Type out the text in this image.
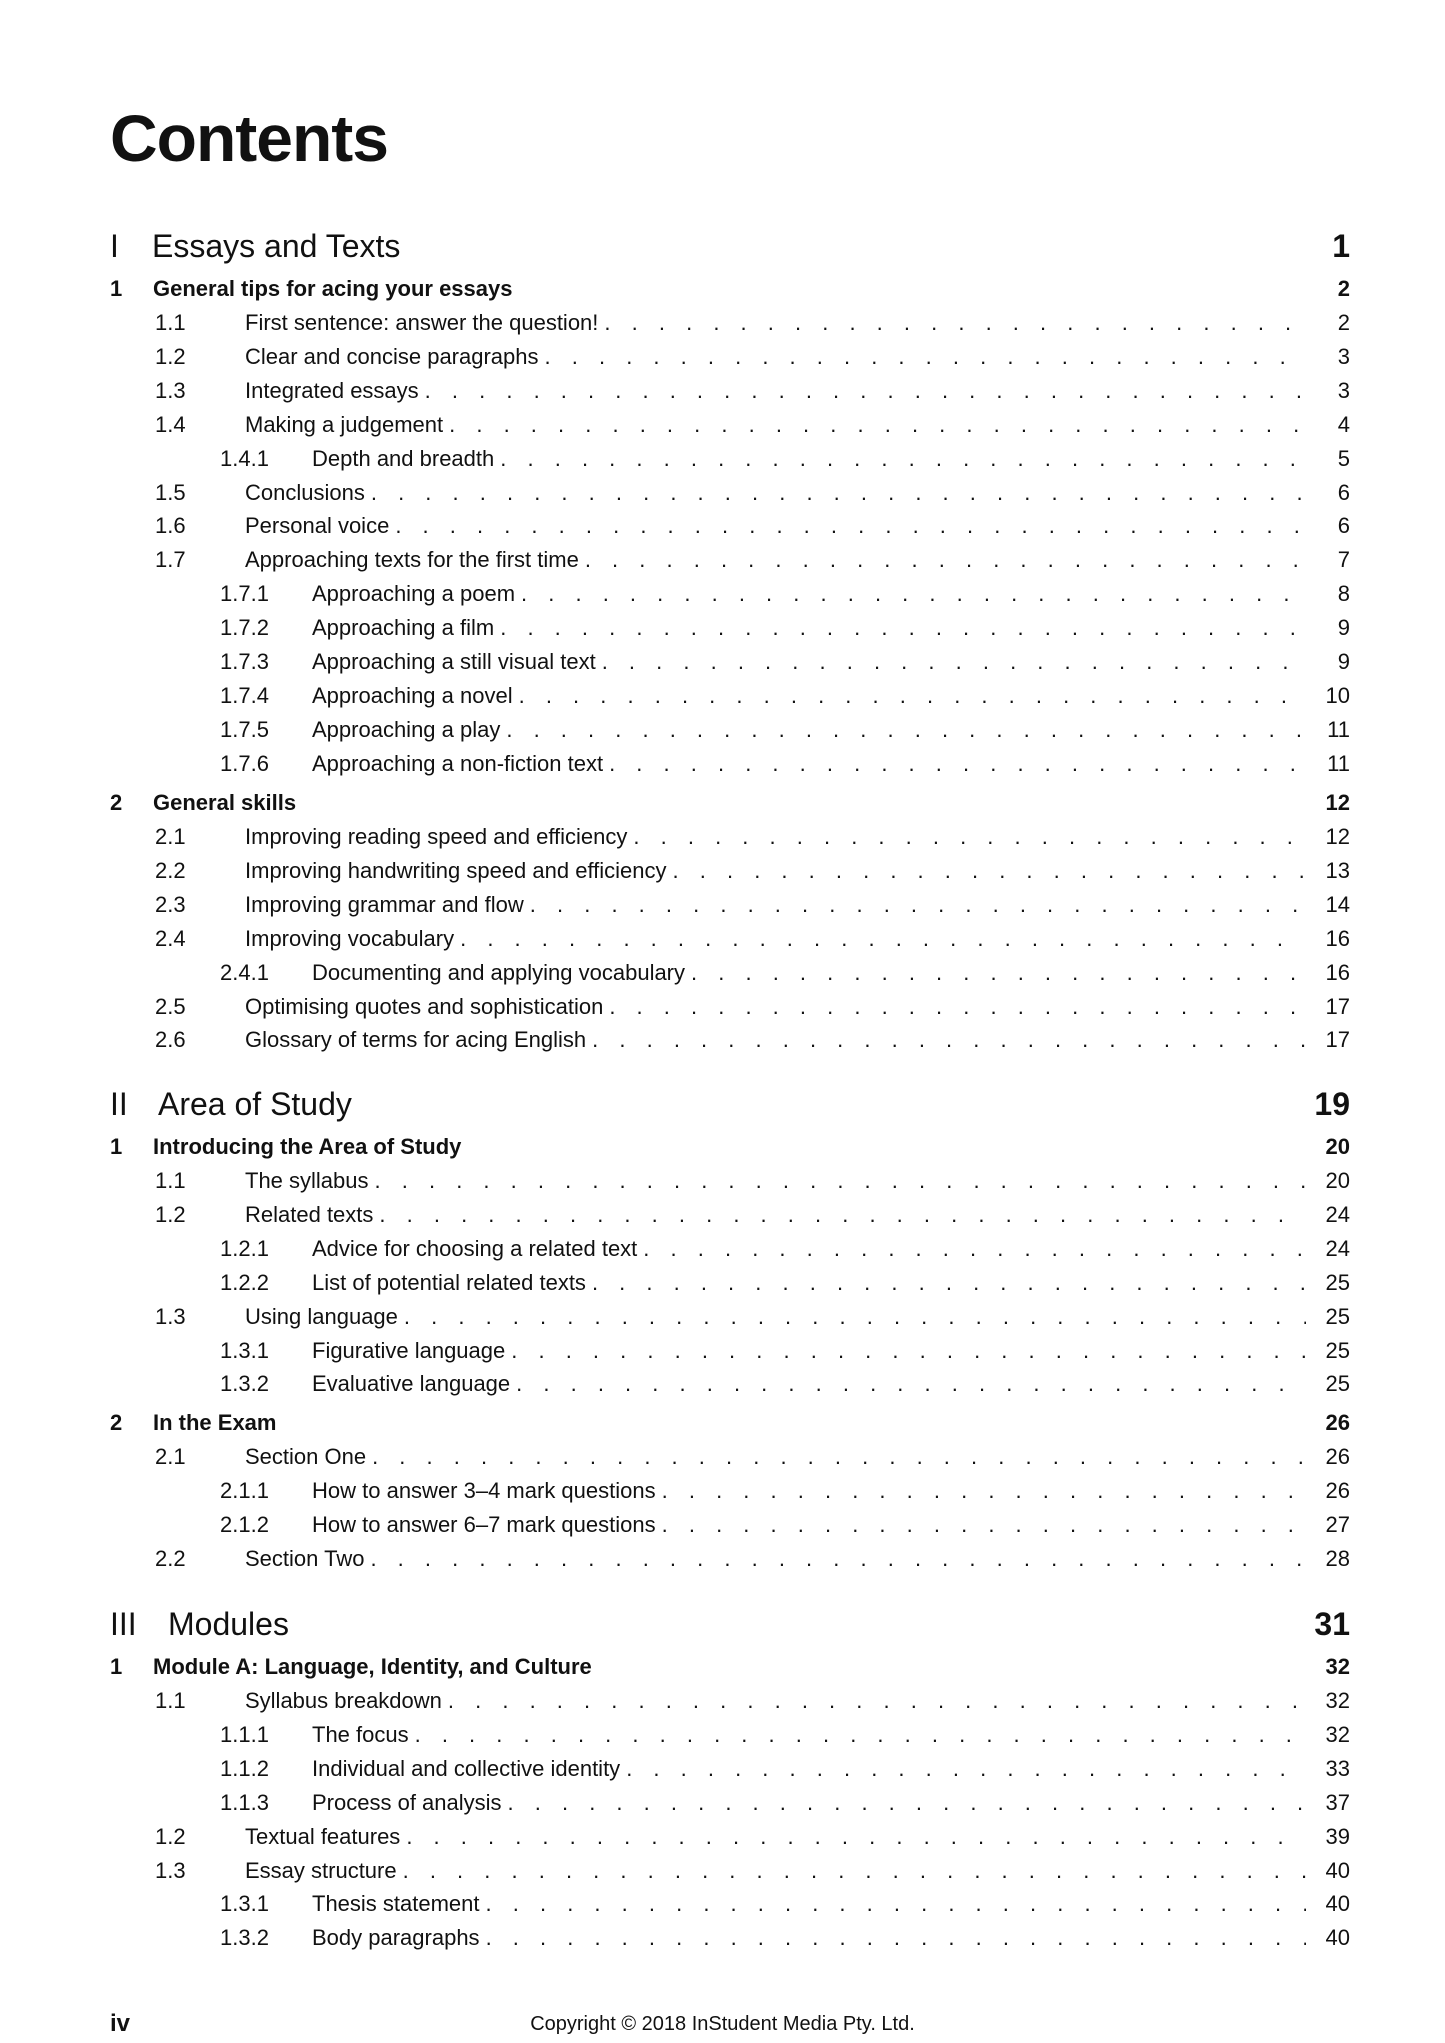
Contents
I Essays and Texts	1
1 General tips for acing your essays	2
1.1	First sentence: answer the question! . . .	2
1.2	Clear and concise paragraphs . . .	3
1.3	Integrated essays . . .	3
1.4	Making a judgement . . .	4
1.4.1	Depth and breadth . . .	5
1.5	Conclusions . . .	6
1.6	Personal voice . . .	6
1.7	Approaching texts for the first time . . .	7
1.7.1	Approaching a poem . . .	8
1.7.2	Approaching a film . . .	9
1.7.3	Approaching a still visual text . . .	9
1.7.4	Approaching a novel . . .	10
1.7.5	Approaching a play . . .	11
1.7.6	Approaching a non-fiction text . . .	11
2 General skills	12
2.1	Improving reading speed and efficiency . . .	12
2.2	Improving handwriting speed and efficiency . . .	13
2.3	Improving grammar and flow . . .	14
2.4	Improving vocabulary . . .	16
2.4.1	Documenting and applying vocabulary . . .	16
2.5	Optimising quotes and sophistication . . .	17
2.6	Glossary of terms for acing English . . .	17
II Area of Study	19
1 Introducing the Area of Study	20
1.1	The syllabus . . .	20
1.2	Related texts . . .	24
1.2.1	Advice for choosing a related text . . .	24
1.2.2	List of potential related texts . . .	25
1.3	Using language . . .	25
1.3.1	Figurative language . . .	25
1.3.2	Evaluative language . . .	25
2 In the Exam	26
2.1	Section One . . .	26
2.1.1	How to answer 3–4 mark questions . . .	26
2.1.2	How to answer 6–7 mark questions . . .	27
2.2	Section Two . . .	28
III Modules	31
1 Module A: Language, Identity, and Culture	32
1.1	Syllabus breakdown . . .	32
1.1.1	The focus . . .	32
1.1.2	Individual and collective identity . . .	33
1.1.3	Process of analysis . . .	37
1.2	Textual features . . .	39
1.3	Essay structure . . .	40
1.3.1	Thesis statement . . .	40
1.3.2	Body paragraphs . . .	40
iv	Copyright © 2018 InStudent Media Pty. Ltd.
